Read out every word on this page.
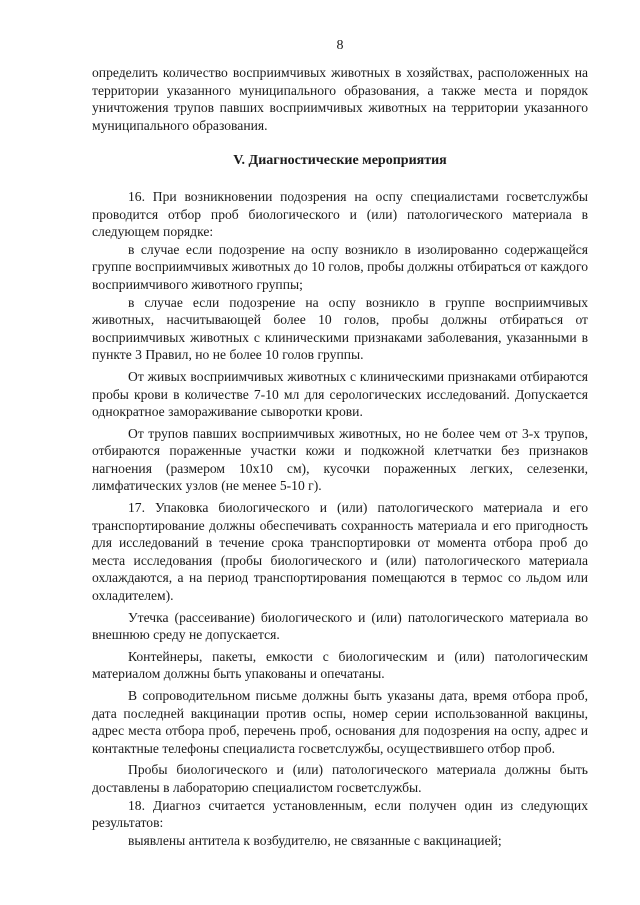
8

определить количество восприимчивых животных в хозяйствах, расположенных на территории указанного муниципального образования, а также места и порядок уничтожения трупов павших восприимчивых животных на территории указанного муниципального образования.

V. Диагностические мероприятия

16. При возникновении подозрения на оспу специалистами госветслужбы проводится отбор проб биологического и (или) патологического материала в следующем порядке:

в случае если подозрение на оспу возникло в изолированно содержащейся группе восприимчивых животных до 10 голов, пробы должны отбираться от каждого восприимчивого животного группы;

в случае если подозрение на оспу возникло в группе восприимчивых животных, насчитывающей более 10 голов, пробы должны отбираться от восприимчивых животных с клиническими признаками заболевания, указанными в пункте 3 Правил, но не более 10 голов группы.

От живых восприимчивых животных с клиническими признаками отбираются пробы крови в количестве 7-10 мл для серологических исследований. Допускается однократное замораживание сыворотки крови.

От трупов павших восприимчивых животных, но не более чем от 3-х трупов, отбираются пораженные участки кожи и подкожной клетчатки без признаков нагноения (размером 10х10 см), кусочки пораженных легких, селезенки, лимфатических узлов (не менее 5-10 г).

17. Упаковка биологического и (или) патологического материала и его транспортирование должны обеспечивать сохранность материала и его пригодность для исследований в течение срока транспортировки от момента отбора проб до места исследования (пробы биологического и (или) патологического материала охлаждаются, а на период транспортирования помещаются в термос со льдом или охладителем).

Утечка (рассеивание) биологического и (или) патологического материала во внешнюю среду не допускается.

Контейнеры, пакеты, емкости с биологическим и (или) патологическим материалом должны быть упакованы и опечатаны.

В сопроводительном письме должны быть указаны дата, время отбора проб, дата последней вакцинации против оспы, номер серии использованной вакцины, адрес места отбора проб, перечень проб, основания для подозрения на оспу, адрес и контактные телефоны специалиста госветслужбы, осуществившего отбор проб.

Пробы биологического и (или) патологического материала должны быть доставлены в лабораторию специалистом госветслужбы.

18. Диагноз считается установленным, если получен один из следующих результатов:

выявлены антитела к возбудителю, не связанные с вакцинацией;
